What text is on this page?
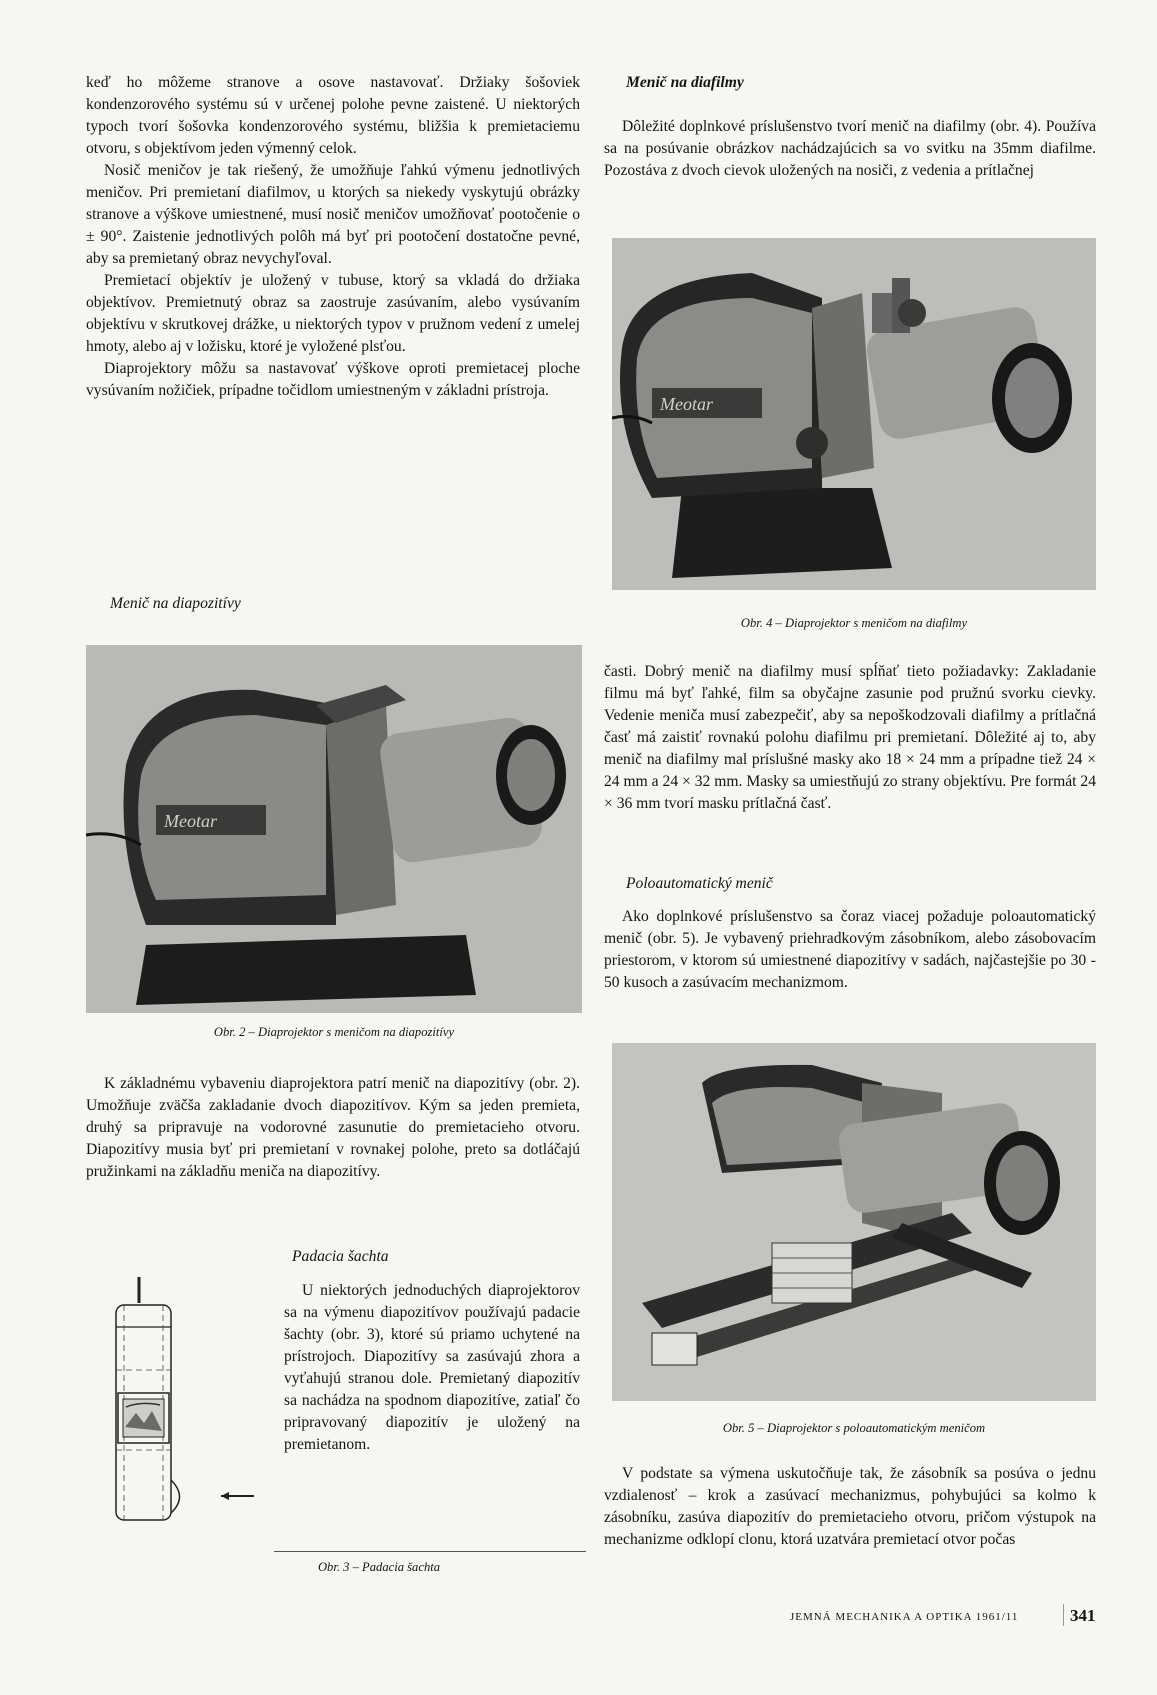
keď ho môžeme stranove a osove nastavovať. Držiaky šošoviek kondenzorového systému sú v určenej polohe pevne zaistené. U niektorých typoch tvorí šošovka kondenzorového systému, bližšia k premietaciemu otvoru, s objektívom jeden výmenný celok.

Nosič meničov je tak riešený, že umožňuje ľahkú výmenu jednotlivých meničov. Pri premietaní diafilmov, u ktorých sa niekedy vyskytujú obrázky stranove a výškove umiestnené, musí nosič meničov umožňovať pootočenie o ± 90°. Zaistenie jednotlivých polôh má byť pri pootočení dostatočne pevné, aby sa premietaný obraz nevychyľoval.

Premietací objektív je uložený v tubuse, ktorý sa vkladá do držiaka objektívov. Premietnutý obraz sa zaostruje zasúvaním, alebo vysúvaním objektívu v skrutkovej drážke, u niektorých typov v pružnom vedení z umelej hmoty, alebo aj v ložisku, ktoré je vyložené plsťou.

Diaprojektory môžu sa nastavovať výškove oproti premietacej ploche vysúvaním nožičiek, prípadne točidlom umiestneným v základni prístroja.

Menič na diapozitívy
Meotar
Obr. 2 – Diaprojektor s meničom na diapozitívy

K základnému vybaveniu diaprojektora patrí menič na diapozitívy (obr. 2). Umožňuje zväčša zakladanie dvoch diapozitívov. Kým sa jeden premieta, druhý sa pripravuje na vodorovné zasunutie do premietacieho otvoru. Diapozitívy musia byť pri premietaní v rovnakej polohe, preto sa dotláčajú pružinkami na základňu meniča na diapozitívy.

Padacia šachta

U niektorých jednoduchých diaprojektorov sa na výmenu diapozitívov používajú padacie šachty (obr. 3), ktoré sú priamo uchytené na prístrojoch. Diapozitívy sa zasúvajú zhora a vyťahujú stranou dole. Premietaný diapozitív sa nachádza na spodnom diapozitíve, zatiaľ čo pripravovaný diapozitív je uložený na premietanom.

Obr. 3 – Padacia šachta
Menič na diafilmy

Dôležité doplnkové príslušenstvo tvorí menič na diafilmy (obr. 4). Používa sa na posúvanie obrázkov nachádzajúcich sa vo svitku na 35mm diafilme. Pozostáva z dvoch cievok uložených na nosiči, z vedenia a prítlačnej

Meotar
Obr. 4 – Diaprojektor s meničom na diafilmy

časti. Dobrý menič na diafilmy musí spĺňať tieto požiadavky: Zakladanie filmu má byť ľahké, film sa obyčajne zasunie pod pružnú svorku cievky. Vedenie meniča musí zabezpečiť, aby sa nepoškodzovali diafilmy a prítlačná časť má zaistiť rovnakú polohu diafilmu pri premietaní. Dôležité aj to, aby menič na diafilmy mal príslušné masky ako 18 × 24 mm a prípadne tiež 24 × 24 mm a 24 × 32 mm. Masky sa umiestňujú zo strany objektívu. Pre formát 24 × 36 mm tvorí masku prítlačná časť.

Poloautomatický menič

Ako doplnkové príslušenstvo sa čoraz viacej požaduje poloautomatický menič (obr. 5). Je vybavený priehradkovým zásobníkom, alebo zásobovacím priestorom, v ktorom sú umiestnené diapozitívy v sadách, najčastejšie po 30 - 50 kusoch a zasúvacím mechanizmom.

Obr. 5 – Diaprojektor s poloautomatickým meničom

V podstate sa výmena uskutočňuje tak, že zásobník sa posúva o jednu vzdialenosť – krok a zasúvací mechanizmus, pohybujúci sa kolmo k zásobníku, zasúva diapozitív do premietacieho otvoru, pričom výstupok na mechanizme odklopí clonu, ktorá uzatvára premietací otvor počas

JEMNÁ MECHANIKA A OPTIKA 1961/11	341
